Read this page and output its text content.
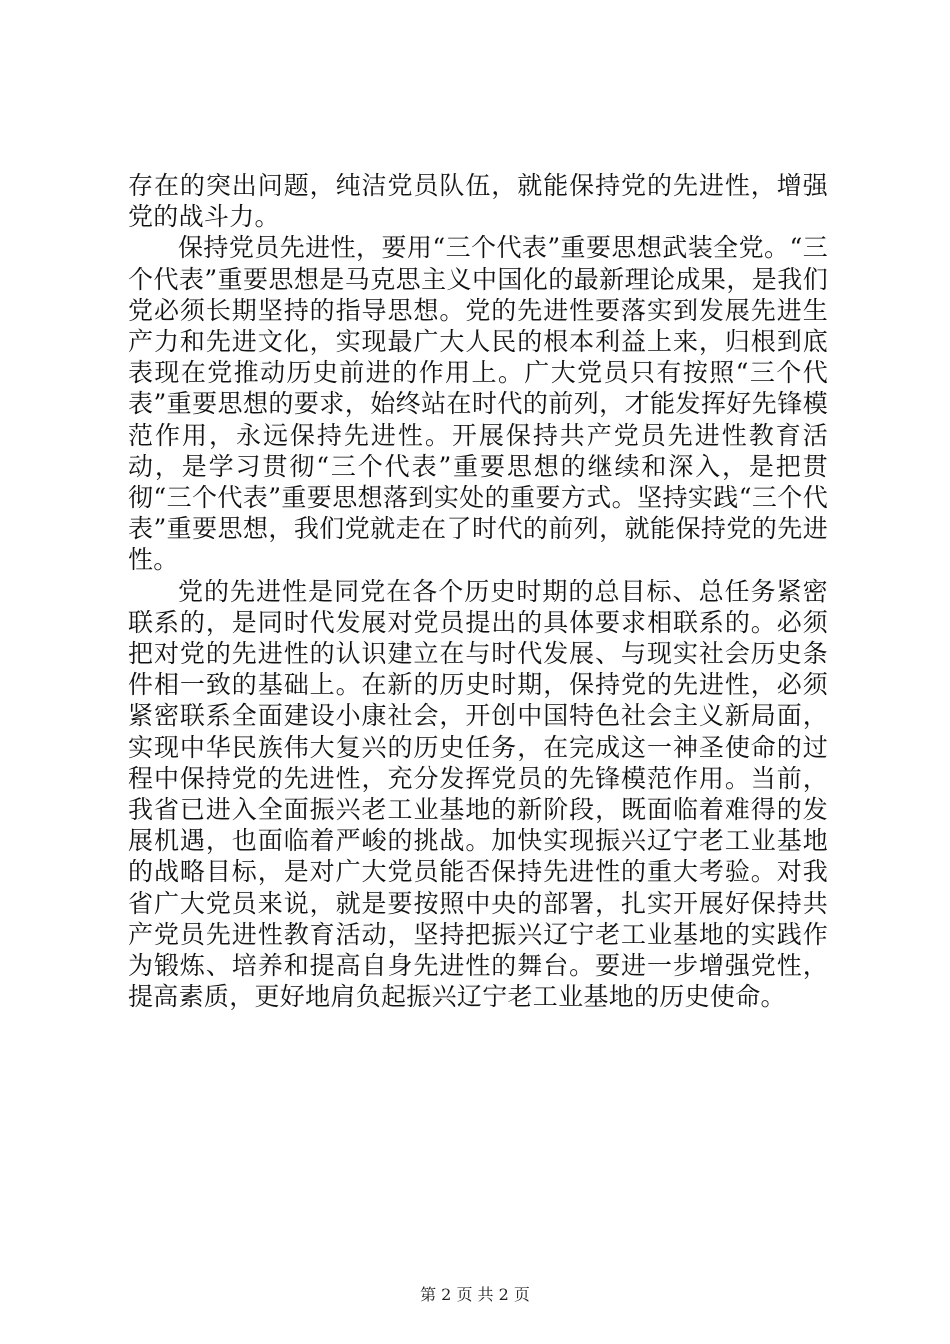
存在的突出问题，纯洁党员队伍，就能保持党的先进性，增强党的战斗力。

保持党员先进性，要用“三个代表”重要思想武装全党。“三个代表”重要思想是马克思主义中国化的最新理论成果，是我们党必须长期坚持的指导思想。党的先进性要落实到发展先进生产力和先进文化，实现最广大人民的根本利益上来，归根到底表现在党推动历史前进的作用上。广大党员只有按照“三个代表”重要思想的要求，始终站在时代的前列，才能发挥好先锋模范作用，永远保持先进性。开展保持共产党员先进性教育活动，是学习贯彻“三个代表”重要思想的继续和深入，是把贯彻“三个代表”重要思想落到实处的重要方式。坚持实践“三个代表”重要思想，我们党就走在了时代的前列，就能保持党的先进性。

党的先进性是同党在各个历史时期的总目标、总任务紧密联系的，是同时代发展对党员提出的具体要求相联系的。必须把对党的先进性的认识建立在与时代发展、与现实社会历史条件相一致的基础上。在新的历史时期，保持党的先进性，必须紧密联系全面建设小康社会，开创中国特色社会主义新局面，实现中华民族伟大复兴的历史任务，在完成这一神圣使命的过程中保持党的先进性，充分发挥党员的先锋模范作用。当前，我省已进入全面振兴老工业基地的新阶段，既面临着难得的发展机遇，也面临着严峻的挑战。加快实现振兴辽宁老工业基地的战略目标，是对广大党员能否保持先进性的重大考验。对我省广大党员来说，就是要按照中央的部署，扎实开展好保持共产党员先进性教育活动，坚持把振兴辽宁老工业基地的实践作为锻炼、培养和提高自身先进性的舞台。要进一步增强党性，提高素质，更好地肩负起振兴辽宁老工业基地的历史使命。

第 2 页 共 2 页
